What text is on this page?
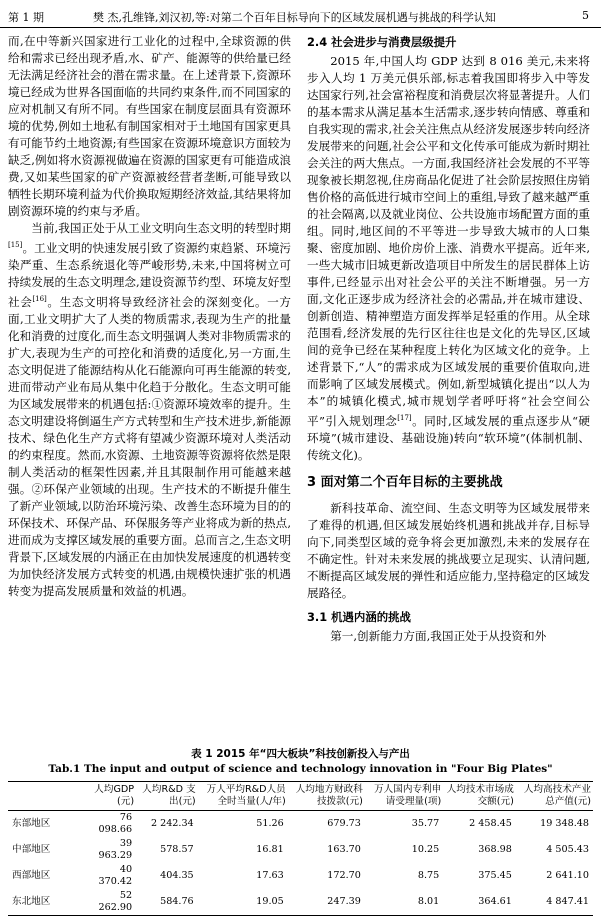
第 1 期	樊 杰,孔维锋,刘汉初,等:对第二个百年目标导向下的区域发展机遇与挑战的科学认知	5

而,在中等新兴国家进行工业化的过程中,全球资源的供给和需求已经出现矛盾,水、矿产、能源等的供给量已经无法满足经济社会的潜在需求量。在上述背景下,资源环境已经成为世界各国面临的共同约束条件,而不同国家的应对机制又有所不同。有些国家在制度层面具有资源环境的优势,例如土地私有制国家相对于土地国有国家更具有可能节约土地资源;有些国家在资源环境意识方面较为缺乏,例如将水资源视做遍在资源的国家更有可能造成浪费,又如某些国家的矿产资源被经营者垄断,可能导致以牺牲长期环境利益为代价换取短期经济效益,其结果将加剧资源环境的约束与矛盾。

当前,我国正处于从工业文明向生态文明的转型时期[15]。工业文明的快速发展引致了资源约束趋紧、环境污染严重、生态系统退化等严峻形势,未来,中国将树立可持续发展的生态文明理念,建设资源节约型、环境友好型社会[16]。生态文明将导致经济社会的深刻变化。一方面,工业文明扩大了人类的物质需求,表现为生产的批量化和消费的过度化,而生态文明强调人类对非物质需求的扩大,表现为生产的可控化和消费的适度化,另一方面,生态文明促进了能源结构从化石能源向可再生能源的转变,进而带动产业布局从集中化趋于分散化。生态文明可能为区域发展带来的机遇包括:①资源环境效率的提升。生态文明建设将倒逼生产方式转型和生产技术进步,新能源技术、绿色化生产方式将有望减少资源环境对人类活动的约束程度。然而,水资源、土地资源等资源将依然是限制人类活动的框架性因素,并且其限制作用可能越来越强。②环保产业领域的出现。生产技术的不断提升催生了新产业领域,以防治环境污染、改善生态环境为目的的环保技术、环保产品、环保服务等产业将成为新的热点,进而成为支撑区域发展的重要方面。总而言之,生态文明背景下,区域发展的内涵正在由加快发展速度的机遇转变为加快经济发展方式转变的机遇,由规模快速扩张的机遇转变为提高发展质量和效益的机遇。

2.4 社会进步与消费层级提升

2015 年,中国人均 GDP 达到 8 016 美元,未来将步入人均 1 万美元俱乐部,标志着我国即将步入中等发达国家行列,社会富裕程度和消费层次将显著提升。人们的基本需求从满足基本生活需求,逐步转向情感、尊重和自我实现的需求,社会关注焦点从经济发展逐步转向经济发展带来的问题,社会公平和文化传承可能成为新时期社会关注的两大焦点。一方面,我国经济社会发展的不平等现象被长期忽视,住房商品化促进了社会阶层按照住房销售价格的高低进行城市空间上的重组,导致了越来越严重的社会隔离,以及就业岗位、公共设施市场配置方面的重组。同时,地区间的不平等进一步导致大城市的人口集聚、密度加剧、地价房价上涨、消费水平提高。近年来,一些大城市旧城更新改造项目中所发生的居民群体上访事件,已经显示出对社会公平的关注不断增强。另一方面,文化正逐步成为经济社会的必需品,并在城市建设、创新创造、精神塑造方面发挥举足轻重的作用。从全球范围看,经济发展的先行区往往也是文化的先导区,区域间的竞争已经在某种程度上转化为区域文化的竞争。上述背景下,“人”的需求成为区域发展的重要价值取向,进而影响了区域发展模式。例如,新型城镇化提出“以人为本”的城镇化模式,城市规划学者呼吁将“社会空间公平”引入规划理念[17]。同时,区域发展的重点逐步从“硬环境”(城市建设、基础设施)转向“软环境”(体制机制、传统文化)。

3 面对第二个百年目标的主要挑战

新科技革命、流空间、生态文明等为区域发展带来了难得的机遇,但区域发展始终机遇和挑战并存,目标导向下,同类型区域的竞争将会更加激烈,未来的发展存在不确定性。针对未来发展的挑战要立足现实、认清问题,不断提高区域发展的弹性和适应能力,坚持稳定的区域发展路径。

3.1 机遇内涵的挑战

第一,创新能力方面,我国正处于从投资和外

表 1 2015 年“四大板块”科技创新投入与产出
Tab.1 The input and output of science and technology innovation in "Four Big Plates"
	人均GDP (元)	人均R&D 支出(元)	万人平均R&D人员全时当量(人/年)	人均地方财政科技拨款(元)	万人国内专利申请受理量(项)	人均技术市场成交额(元)	人均高技术产业总产值(元)
东部地区	76 098.66	2 242.34	51.26	679.73	35.77	2 458.45	19 348.48
中部地区	39 963.29	578.57	16.81	163.70	10.25	368.98	4 505.43
西部地区	40 370.42	404.35	17.63	172.70	8.75	375.45	2 641.10
东北地区	52 262.90	584.76	19.05	247.39	8.01	364.61	4 847.41
